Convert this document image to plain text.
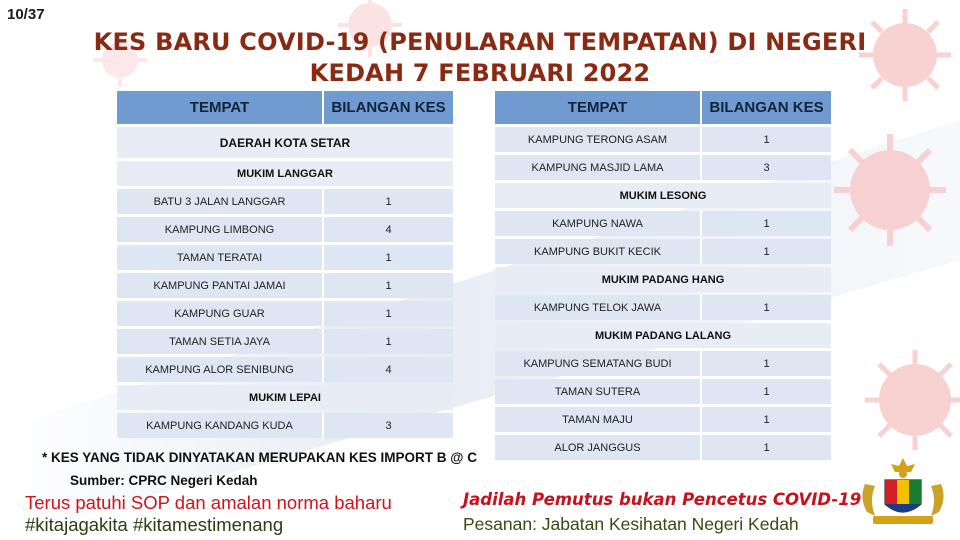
10/37
KES BARU COVID-19 (PENULARAN TEMPATAN) DI NEGERI
KEDAH 7 FEBRUARI 2022
TEMPAT	BILANGAN KES
DAERAH KOTA SETAR	
MUKIM LANGGAR	
BATU 3 JALAN LANGGAR	1
KAMPUNG LIMBONG	4
TAMAN TERATAI	1
KAMPUNG PANTAI JAMAI	1
KAMPUNG GUAR	1
TAMAN SETIA JAYA	1
KAMPUNG ALOR SENIBUNG	4
MUKIM LEPAI	
KAMPUNG KANDANG KUDA	3
TEMPAT	BILANGAN KES
KAMPUNG TERONG ASAM	1
KAMPUNG MASJID LAMA	3
MUKIM LESONG	
KAMPUNG NAWA	1
KAMPUNG BUKIT KECIK	1
MUKIM PADANG HANG	
KAMPUNG TELOK JAWA	1
MUKIM PADANG LALANG	
KAMPUNG SEMATANG BUDI	1
TAMAN SUTERA	1
TAMAN MAJU	1
ALOR JANGGUS	1
* KES YANG TIDAK DINYATAKAN MERUPAKAN KES IMPORT B @ C
Sumber: CPRC Negeri Kedah
Terus patuhi SOP dan amalan norma baharu
#kitajagakita #kitamestimenang
Jadilah Pemutus bukan Pencetus COVID-19
Pesanan: Jabatan Kesihatan Negeri Kedah
